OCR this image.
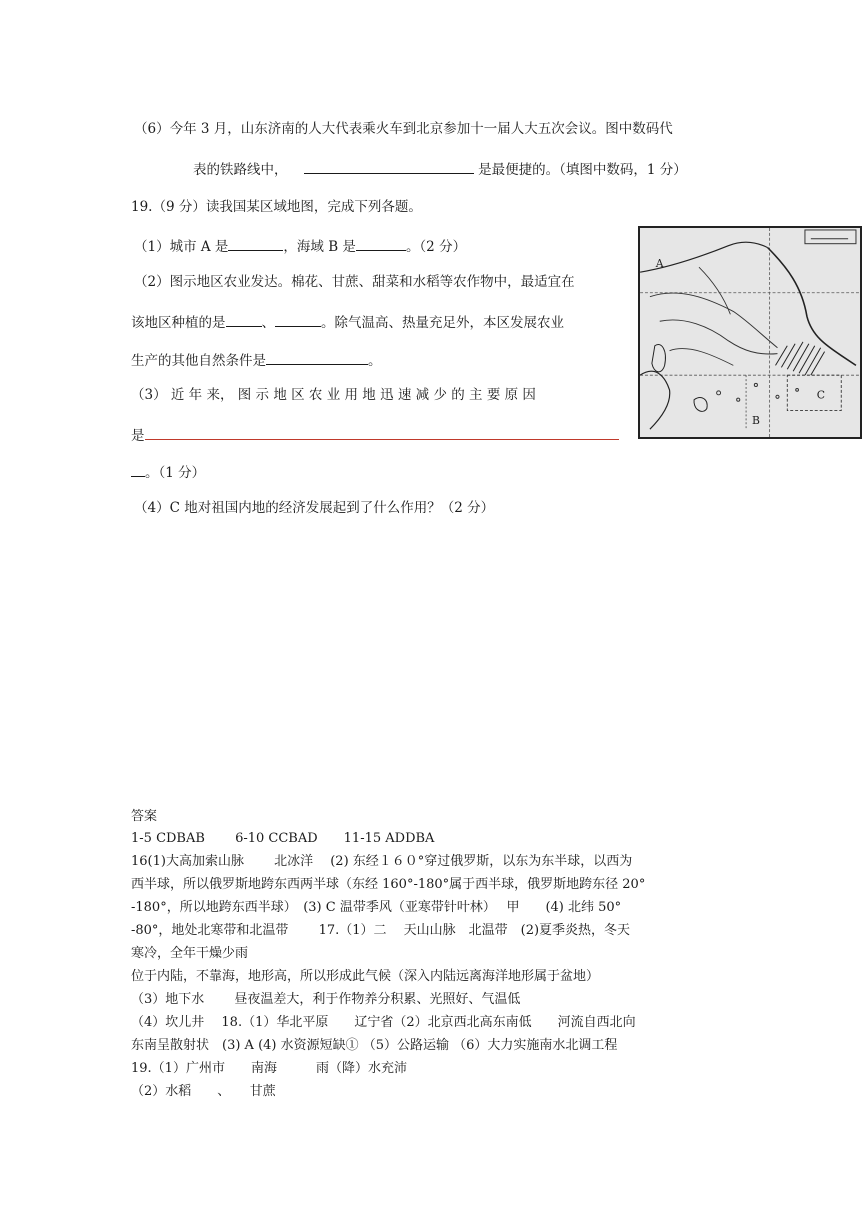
（6）今年 3 月，山东济南的人大代表乘火车到北京参加十一届人大五次会议。图中数码代
表的铁路线中，	是最便捷的。（填图中数码，1 分）
19.（9 分）读我国某区域地图，完成下列各题。
（1）城市 A 是	，海域 B 是	。（2 分）
（2）图示地区农业发达。棉花、甘蔗、甜菜和水稻等农作物中，最适宜在
该地区种植的是	、	。除气温高、热量充足外，本区发展农业
生产的其他自然条件是	。
（3） 近 年 来， 图 示 地 区 农 业 用 地 迅 速 减 少 的 主 要 原 因
是
。（1 分）
（4）C 地对祖国内地的经济发展起到了什么作用？（2 分）
A
B
C
答案
1-5 CDBAB　　 6-10 CCBAD　　11-15 ADDBA
16(1)大高加索山脉　　 北冰洋　 (2) 东经１６０°穿过俄罗斯，以东为东半球，以西为
西半球，所以俄罗斯地跨东西两半球（东经 160°-180°属于西半球，俄罗斯地跨东径 20°
-180°，所以地跨东西半球）　(3) C 温带季风（亚寒带针叶林）　 甲　　(4) 北纬 50°
-80°，地处北寒带和北温带　　 17.（1）二　 天山山脉　北温带　(2)夏季炎热，冬天
寒冷，全年干燥少雨
位于内陆，不靠海，地形高，所以形成此气候（深入内陆远离海洋地形属于盆地）
（3）地下水　　 昼夜温差大，利于作物养分积累、光照好、气温低
（4）坎儿井　 18.（1）华北平原　　辽宁省（2）北京西北高东南低　　河流自西北向
东南呈散射状　(3) A (4) 水资源短缺① （5）公路运输 （6）大力实施南水北调工程
19.（1）广州市　　南海　　　雨（降）水充沛
（2）水稻　　、　　甘蔗
